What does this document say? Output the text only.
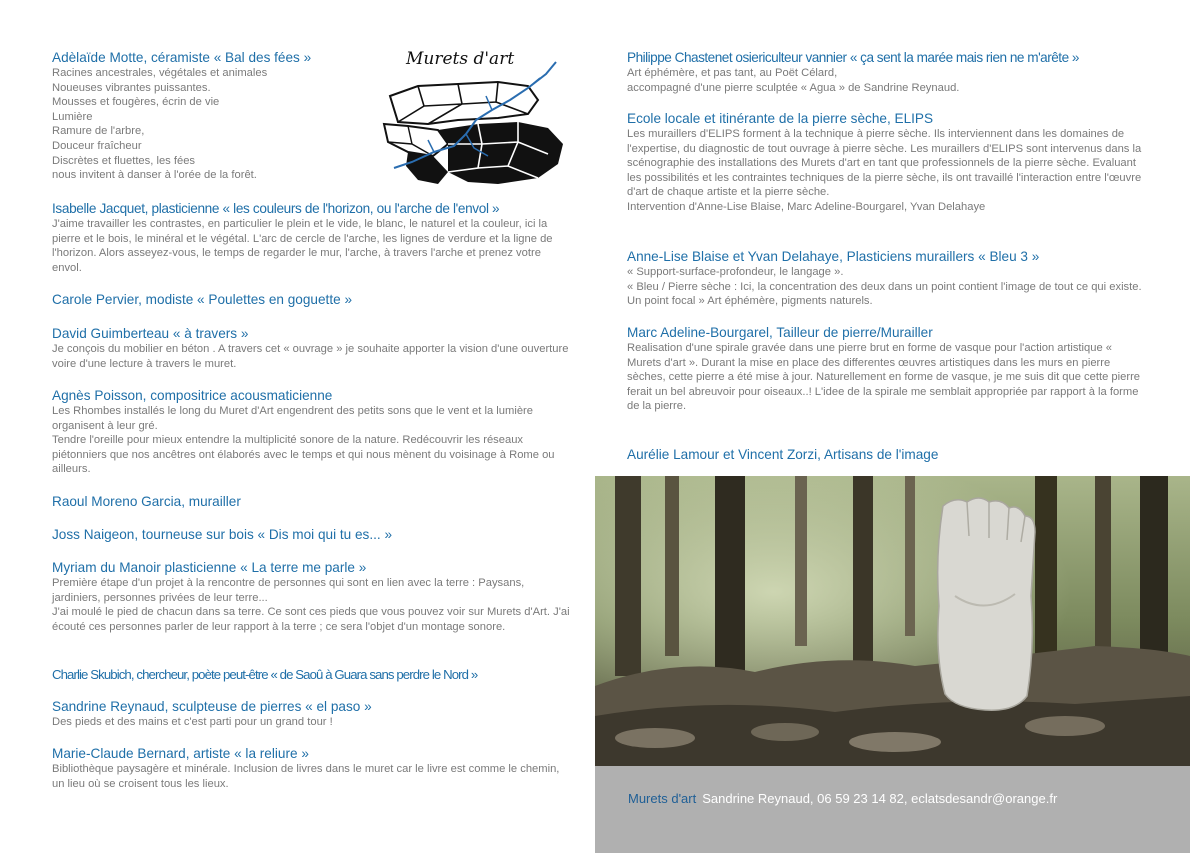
Adèlaïde Motte, céramiste « Bal des fées »

Racines ancestrales, végétales et animales

Noueuses vibrantes puissantes.

Mousses et fougères, écrin de vie

Lumière

Ramure de l'arbre,

Douceur fraîcheur

Discrètes et fluettes, les fées

nous invitent à danser à l'orée de la forêt.

Isabelle Jacquet, plasticienne « les couleurs de l'horizon, ou l'arche de l'envol »

J'aime travailler les contrastes, en particulier le plein et le vide, le blanc, le naturel et la couleur, ici la pierre et le bois, le minéral et le végétal. L'arc de cercle de l'arche, les lignes de verdure et la ligne de l'horizon. Alors asseyez-vous, le temps de regarder le mur, l'arche, à travers l'arche et prenez votre envol.

Carole Pervier, modiste « Poulettes en goguette »
David Guimberteau « à travers »

Je conçois du mobilier en béton . A travers cet « ouvrage » je souhaite apporter la vision d'une ouverture voire d'une lecture à travers le muret.

Agnès Poisson, compositrice acousmaticienne

Les Rhombes installés le long du Muret d'Art engendrent des petits sons que le vent et la lumière organisent à leur gré.

Tendre l'oreille pour mieux entendre la multiplicité sonore de la nature. Redécouvrir les réseaux piétonniers que nos ancêtres ont élaborés avec le temps et qui nous mènent du voisinage à Rome ou ailleurs.

Raoul Moreno Garcia, murailler
Joss Naigeon, tourneuse sur bois « Dis moi qui tu es... »
Myriam du Manoir plasticienne « La terre me parle »

Première étape d'un projet à la rencontre de personnes qui sont en lien avec la terre : Paysans, jardiniers, personnes privées de leur terre...

J'ai moulé le pied de chacun dans sa terre. Ce sont ces pieds que vous pouvez voir sur Murets d'Art. J'ai écouté ces personnes parler de leur rapport à la terre ; ce sera l'objet d'un montage sonore.

Charlie Skubich, chercheur, poète peut-être « de Saoû à Guara sans perdre le Nord »
Sandrine Reynaud, sculpteuse de pierres « el paso »

Des pieds et des mains et c'est parti pour un grand tour !

Marie-Claude Bernard, artiste « la reliure »

Bibliothèque paysagère et minérale. Inclusion de livres dans le muret car le livre est comme le chemin, un lieu où se croisent tous les lieux.

Murets d'art	Philippe Chastenet osiericulteur vannier « ça sent la marée mais rien ne m'arête »

Art éphémère, et pas tant, au Poët Célard,

accompagné d'une pierre sculptée « Agua » de Sandrine Reynaud.

Ecole locale et itinérante de la pierre sèche, ELIPS

Les muraillers d'ELIPS forment à la technique à pierre sèche. Ils interviennent dans les domaines de l'expertise, du diagnostic de tout ouvrage à pierre sèche. Les muraillers d'ELIPS sont intervenus dans la scénographie des installations des Murets d'art en tant que professionnels de la pierre sèche. Evaluant les possibilités et les contraintes techniques de la pierre sèche, ils ont travaillé l'interaction entre l'œuvre d'art de chaque artiste et la pierre sèche.

Intervention d'Anne-Lise Blaise, Marc Adeline-Bourgarel, Yvan Delahaye

Anne-Lise Blaise et Yvan Delahaye, Plasticiens muraillers « Bleu 3 »

« Support-surface-profondeur, le langage ».

« Bleu / Pierre sèche : Ici, la concentration des deux dans un point contient l'image de tout ce qui existe. Un point focal » Art éphémère, pigments naturels.

Marc Adeline-Bourgarel, Tailleur de pierre/Murailler

Realisation d'une spirale gravée dans une pierre brut en forme de vasque pour l'action artistique « Murets d'art ». Durant la mise en place des differentes œuvres artistiques dans les murs en pierre sèches, cette pierre a été mise à jour. Naturellement en forme de vasque, je me suis dit que cette pierre ferait un bel abreuvoir pour oiseaux..! L'idee de la spirale me semblait appropriée par rapport à la forme de la pierre.

Aurélie Lamour et Vincent Zorzi, Artisans de l'image
Murets d'art Sandrine Reynaud, 06 59 23 14 82, eclatsdesandr@orange.fr
